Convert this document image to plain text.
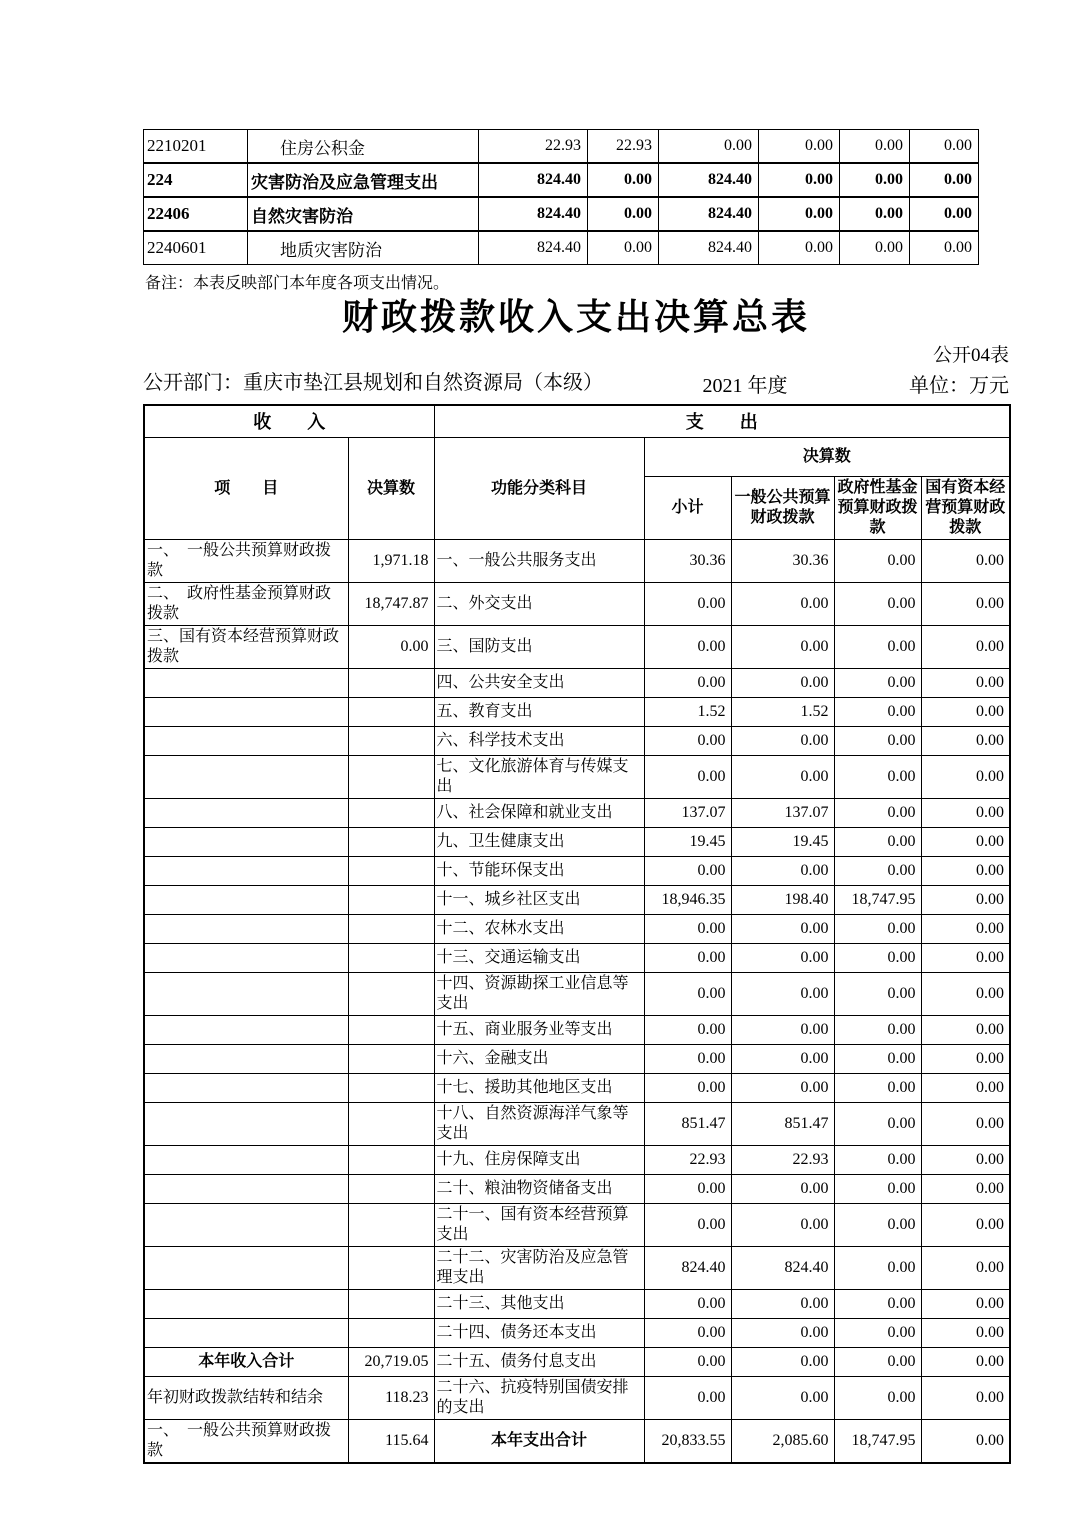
2210201	住房公积金	22.93	22.93	0.00	0.00	0.00	0.00
224	灾害防治及应急管理支出	824.40	0.00	824.40	0.00	0.00	0.00
22406	自然灾害防治	824.40	0.00	824.40	0.00	0.00	0.00
2240601	地质灾害防治	824.40	0.00	824.40	0.00	0.00	0.00
备注：本表反映部门本年度各项支出情况。
财政拨款收入支出决算总表
公开04表
公开部门：重庆市垫江县规划和自然资源局（本级）	2021 年度	单位：万元
收　　入		支　　出				
项　　目	决算数	功能分类科目	决算数			
			小计	一般公共预算财政拨款	政府性基金预算财政拨款	国有资本经营预算财政拨款
一、　一般公共预算财政拨款	1,971.18	一、一般公共服务支出	30.36	30.36	0.00	0.00
二、　政府性基金预算财政拨款	18,747.87	二、外交支出	0.00	0.00	0.00	0.00
三、国有资本经营预算财政拨款	0.00	三、国防支出	0.00	0.00	0.00	0.00
		四、公共安全支出	0.00	0.00	0.00	0.00
		五、教育支出	1.52	1.52	0.00	0.00
		六、科学技术支出	0.00	0.00	0.00	0.00
		七、文化旅游体育与传媒支出	0.00	0.00	0.00	0.00
		八、社会保障和就业支出	137.07	137.07	0.00	0.00
		九、卫生健康支出	19.45	19.45	0.00	0.00
		十、节能环保支出	0.00	0.00	0.00	0.00
		十一、城乡社区支出	18,946.35	198.40	18,747.95	0.00
		十二、农林水支出	0.00	0.00	0.00	0.00
		十三、交通运输支出	0.00	0.00	0.00	0.00
		十四、资源勘探工业信息等支出	0.00	0.00	0.00	0.00
		十五、商业服务业等支出	0.00	0.00	0.00	0.00
		十六、金融支出	0.00	0.00	0.00	0.00
		十七、援助其他地区支出	0.00	0.00	0.00	0.00
		十八、自然资源海洋气象等支出	851.47	851.47	0.00	0.00
		十九、住房保障支出	22.93	22.93	0.00	0.00
		二十、粮油物资储备支出	0.00	0.00	0.00	0.00
		二十一、国有资本经营预算支出	0.00	0.00	0.00	0.00
		二十二、灾害防治及应急管理支出	824.40	824.40	0.00	0.00
		二十三、其他支出	0.00	0.00	0.00	0.00
		二十四、债务还本支出	0.00	0.00	0.00	0.00
本年收入合计	20,719.05	二十五、债务付息支出	0.00	0.00	0.00	0.00
年初财政拨款结转和结余	118.23	二十六、抗疫特别国债安排的支出	0.00	0.00	0.00	0.00
一、　一般公共预算财政拨款	115.64	本年支出合计	20,833.55	2,085.60	18,747.95	0.00
